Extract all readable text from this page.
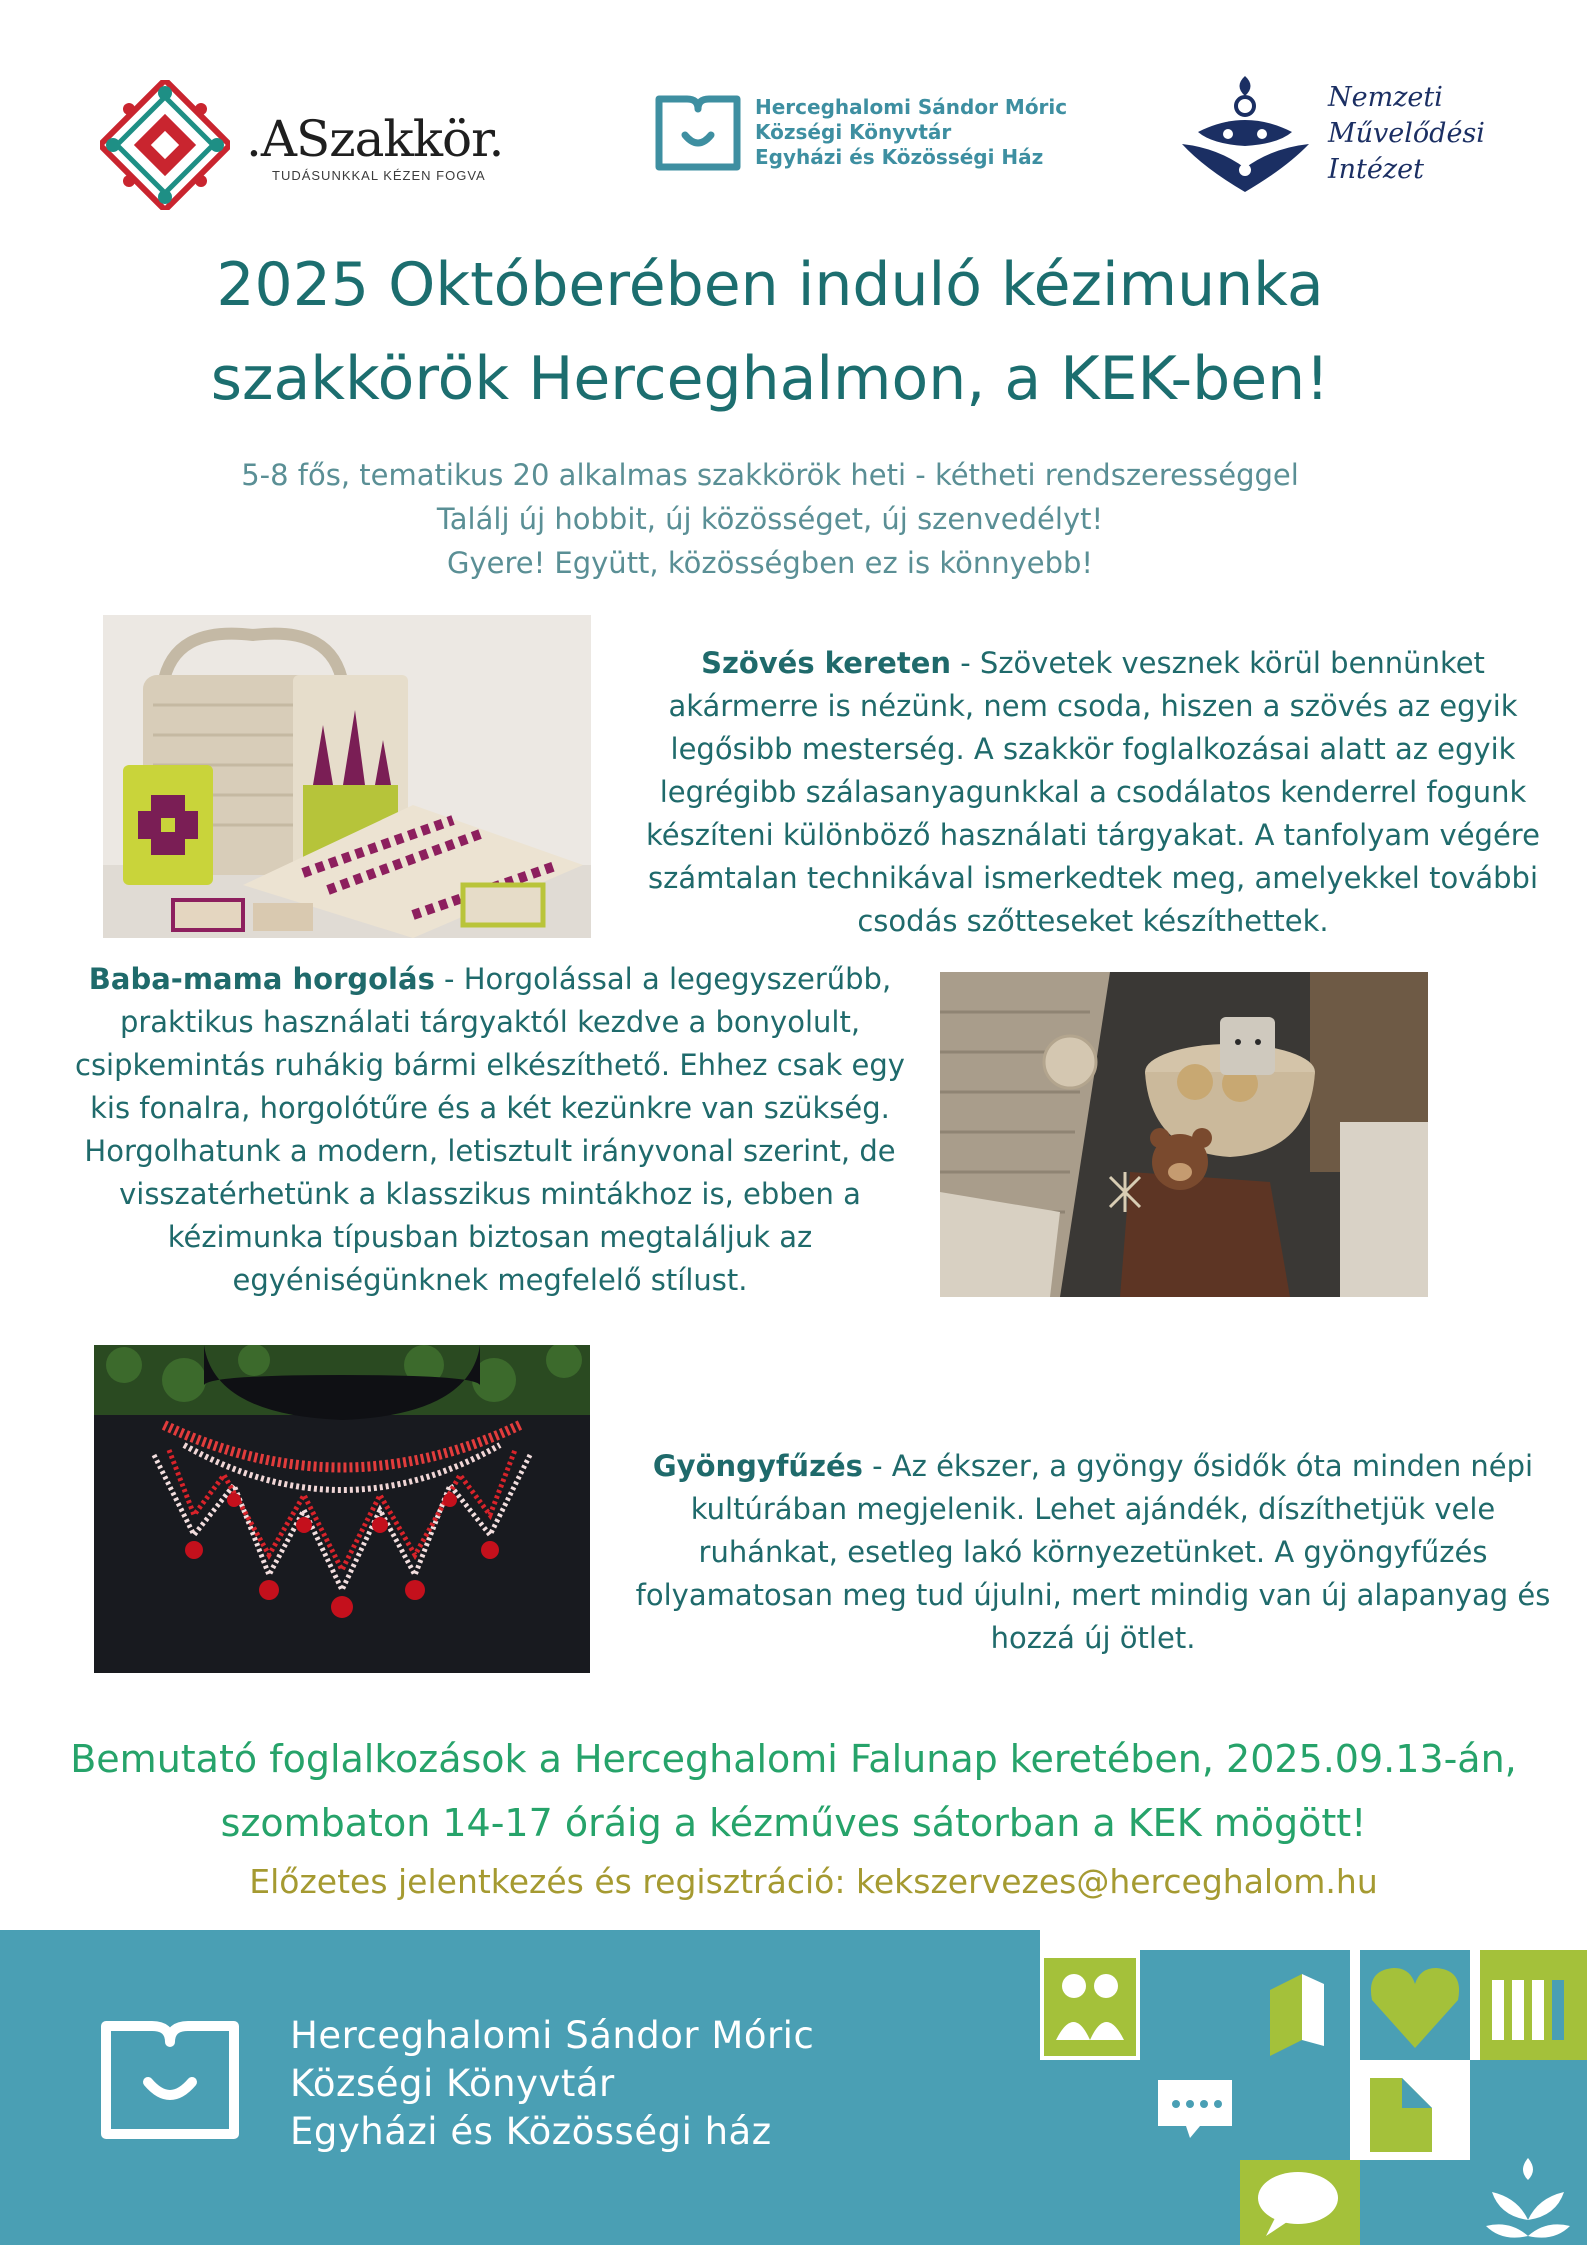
.ASzakkör.
TUDÁSUNKKAL KÉZEN FOGVA
Herceghalomi Sándor Móric
Községi Könyvtár
Egyházi és Közösségi Ház
Nemzeti
Művelődési
Intézet
2025 Októberében induló kézimunka
szakkörök Herceghalmon, a KEK-ben!
5-8 fős, tematikus 20 alkalmas szakkörök heti - kétheti rendszerességgel
Találj új hobbit, új közösséget, új szenvedélyt!
Gyere! Együtt, közösségben ez is könnyebb!
Szövés kereten - Szövetek vesznek körül bennünket akármerre is nézünk, nem csoda, hiszen a szövés az egyik legősibb mesterség. A szakkör foglalkozásai alatt az egyik legrégibb szálasanyagunkkal a csodálatos kenderrel fogunk készíteni különböző használati tárgyakat. A tanfolyam végére számtalan technikával ismerkedtek meg, amelyekkel további csodás szőtteseket készíthettek.
Baba-mama horgolás - Horgolással a legegyszerűbb, praktikus használati tárgyaktól kezdve a bonyolult, csipkemintás ruhákig bármi elkészíthető. Ehhez csak egy kis fonalra, horgolótűre és a két kezünkre van szükség. Horgolhatunk a modern, letisztult irányvonal szerint, de visszatérhetünk a klasszikus mintákhoz is, ebben a kézimunka típusban biztosan megtaláljuk az egyéniségünknek megfelelő stílust.
Gyöngyfűzés - Az ékszer, a gyöngy ősidők óta minden népi kultúrában megjelenik. Lehet ajándék, díszíthetjük vele ruhánkat, esetleg lakó környezetünket. A gyöngyfűzés folyamatosan meg tud újulni, mert mindig van új alapanyag és hozzá új ötlet.
Bemutató foglalkozások a Herceghalomi Falunap keretében, 2025.09.13-án,
szombaton 14-17 óráig a kézműves sátorban a KEK mögött!
Előzetes jelentkezés és regisztráció: kekszervezes@herceghalom.hu
Herceghalomi Sándor Móric
Községi Könyvtár
Egyházi és Közösségi ház
